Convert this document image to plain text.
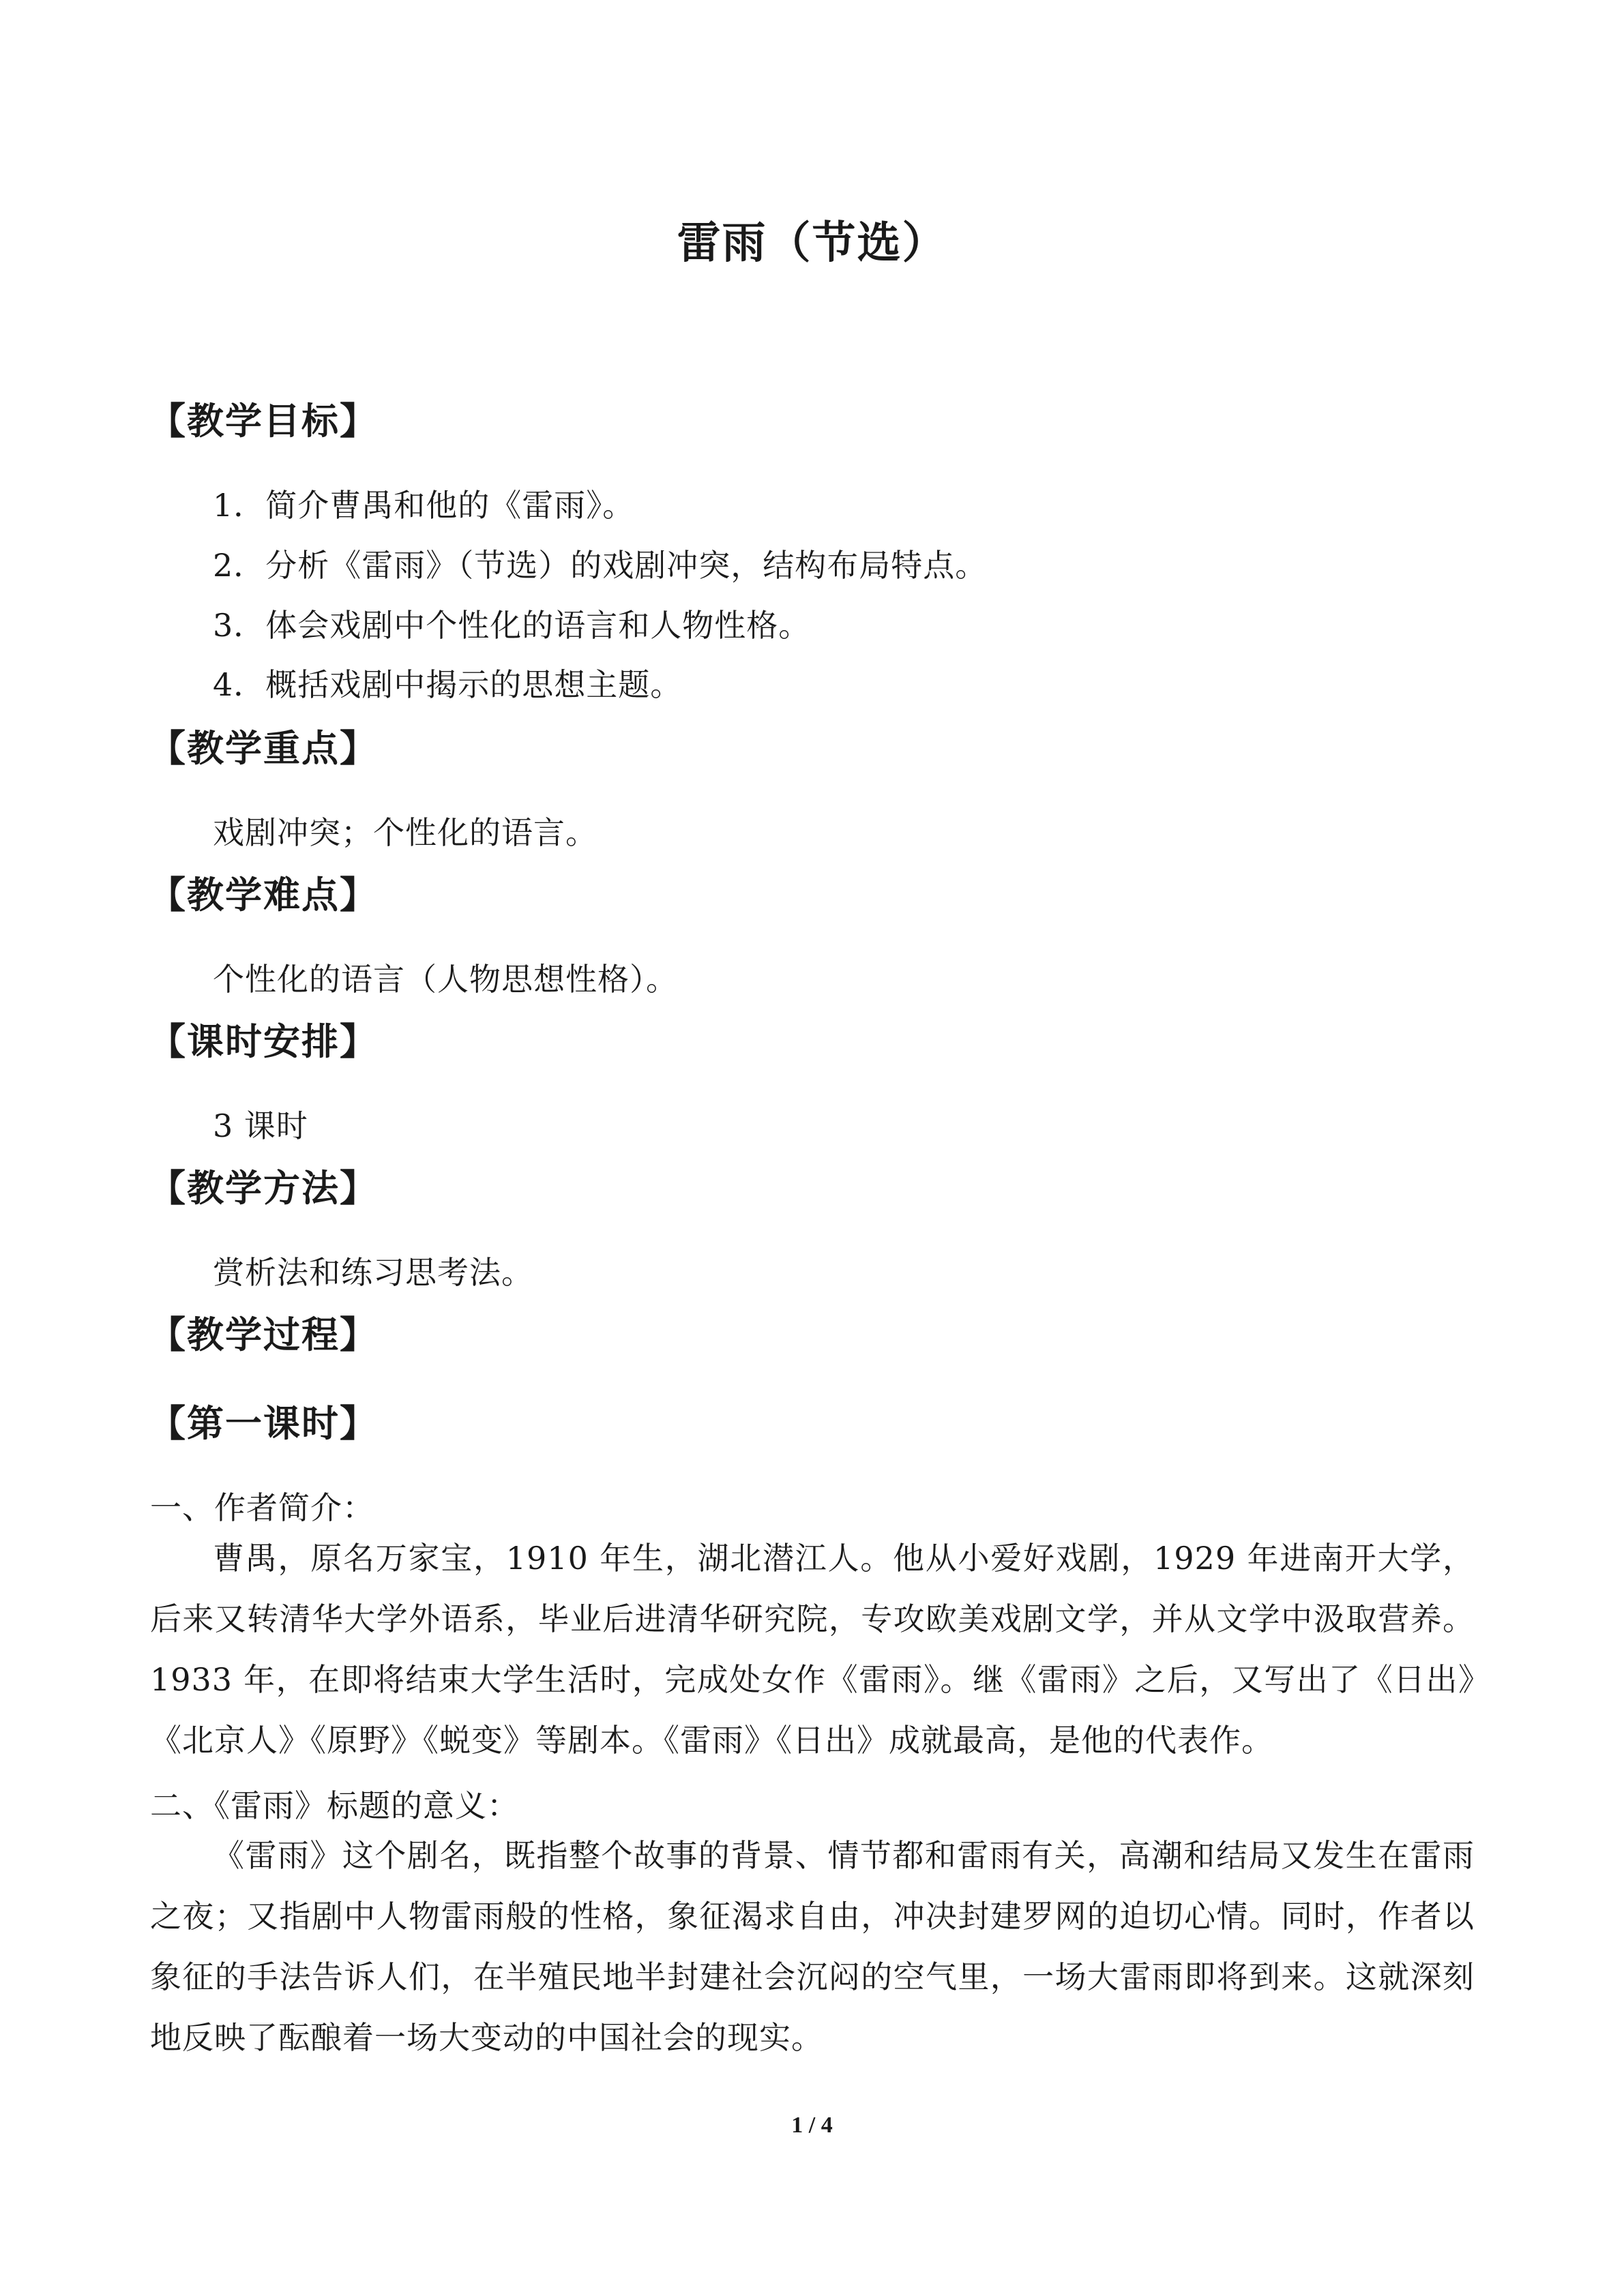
雷雨（节选）
【教学目标】
1．简介曹禺和他的《雷雨》。
2．分析《雷雨》（节选）的戏剧冲突，结构布局特点。
3．体会戏剧中个性化的语言和人物性格。
4．概括戏剧中揭示的思想主题。
【教学重点】
戏剧冲突；个性化的语言。
【教学难点】
个性化的语言（人物思想性格）。
【课时安排】
3 课时
【教学方法】
赏析法和练习思考法。
【教学过程】
【第一课时】
一、作者简介：
曹禺，原名万家宝，1910 年生，湖北潜江人。他从小爱好戏剧，1929 年进南开大学，后来又转清华大学外语系，毕业后进清华研究院，专攻欧美戏剧文学，并从文学中汲取营养。1933 年，在即将结束大学生活时，完成处女作《雷雨》。继《雷雨》之后，又写出了《日出》《北京人》《原野》《蜕变》等剧本。《雷雨》《日出》成就最高，是他的代表作。
二、《雷雨》标题的意义：
《雷雨》这个剧名，既指整个故事的背景、情节都和雷雨有关，高潮和结局又发生在雷雨之夜；又指剧中人物雷雨般的性格，象征渴求自由，冲决封建罗网的迫切心情。同时，作者以象征的手法告诉人们，在半殖民地半封建社会沉闷的空气里，一场大雷雨即将到来。这就深刻地反映了酝酿着一场大变动的中国社会的现实。
1 / 4
